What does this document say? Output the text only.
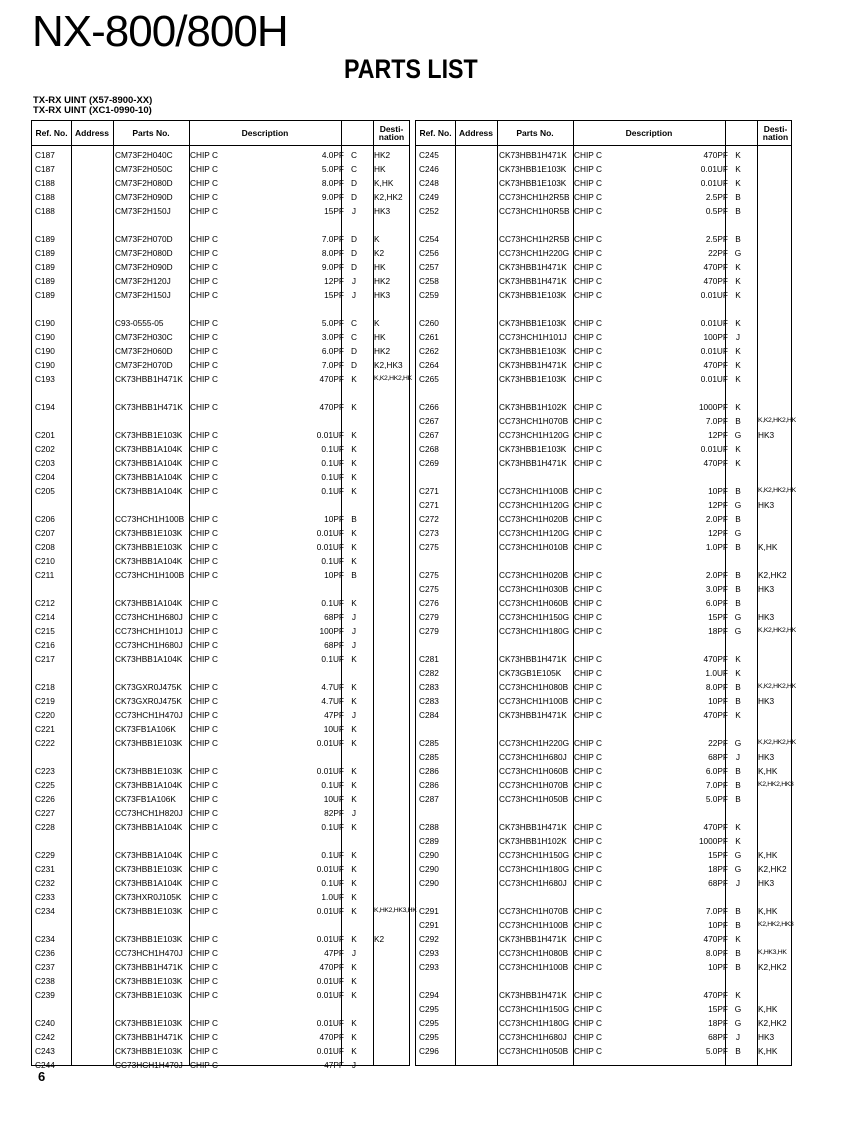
NX-800/800H
PARTS LIST
TX-RX UINT (X57-8900-XX)
TX-RX UINT (XC1-0990-10)
Ref. No. Address	Parts No.	Description	Desti-
nation
C187	CM73F2H040C CHIP C	4.0PF C HK2
C187	CM73F2H050C CHIP C	5.0PF C HK
C188	CM73F2H080D CHIP C	8.0PF D K,HK
C188	CM73F2H090D CHIP C	9.0PF D K2,HK2
C188	CM73F2H150J CHIP C	15PF J HK3
C189	CM73F2H070D CHIP C	7.0PF D K
C189	CM73F2H080D CHIP C	8.0PF D K2
C189	CM73F2H090D CHIP C	9.0PF D HK
C189	CM73F2H120J CHIP C	12PF J HK2
C189	CM73F2H150J CHIP C	15PF J HK3
C190	C93-0555-05	CHIP C	5.0PF C K
C190	CM73F2H030C CHIP C	3.0PF C HK
C190	CM73F2H060D CHIP C	6.0PF D HK2
C190	CM73F2H070D CHIP C	7.0PF D K2,HK3
C193	CK73HBB1H471K CHIP C	470PF K	K,K2,HK2,HK
C194	CK73HBB1H471K CHIP C	470PF K
C201	CK73HBB1E103K CHIP C	0.01UF K
C202	CK73HBB1A104K CHIP C	0.1UF K
C203	CK73HBB1A104K CHIP C	0.1UF K
C204	CK73HBB1A104K CHIP C	0.1UF K
C205	CK73HBB1A104K CHIP C	0.1UF K
C206	CC73HCH1H100B CHIP C	10PF B
C207	CK73HBB1E103K CHIP C	0.01UF K
C208	CK73HBB1E103K CHIP C	0.01UF K
C210	CK73HBB1A104K CHIP C	0.1UF K
C211	CC73HCH1H100B CHIP C	10PF B
C212	CK73HBB1A104K CHIP C	0.1UF K
C214	CC73HCH1H680J CHIP C	68PF J
C215	CC73HCH1H101J CHIP C	100PF J
C216	CC73HCH1H680J CHIP C	68PF J
C217	CK73HBB1A104K CHIP C	0.1UF K
C218	CK73GXR0J475K CHIP C	4.7UF K
C219	CK73GXR0J475K CHIP C	4.7UF K
C220	CC73HCH1H470J CHIP C	47PF J
C221	CK73FB1A106K CHIP C	10UF K
C222	CK73HBB1E103K CHIP C	0.01UF K
C223	CK73HBB1E103K CHIP C	0.01UF K
C225	CK73HBB1A104K CHIP C	0.1UF K
C226	CK73FB1A106K CHIP C	10UF K
C227	CC73HCH1H820J CHIP C	82PF J
C228	CK73HBB1A104K CHIP C	0.1UF K
C229	CK73HBB1A104K CHIP C	0.1UF K
C231	CK73HBB1E103K CHIP C	0.01UF K
C232	CK73HBB1A104K CHIP C	0.1UF K
C233	CK73HXR0J105K CHIP C	1.0UF K
C234	CK73HBB1E103K CHIP C	0.01UF K	K,HK2,HK3,HK
C234	CK73HBB1E103K CHIP C	0.01UF K K2
C236	CC73HCH1H470J CHIP C	47PF J
C237	CK73HBB1H471K CHIP C	470PF K
C238	CK73HBB1E103K CHIP C	0.01UF K
C239	CK73HBB1E103K CHIP C	0.01UF K
C240	CK73HBB1E103K CHIP C	0.01UF K
C242	CK73HBB1H471K CHIP C	470PF K
C243	CK73HBB1E103K CHIP C	0.01UF K
C244	CC73HCH1H470J CHIP C	47PF J
Ref. No. Address	Parts No.	Description	Desti-
nation
C245	CK73HBB1H471K CHIP C	470PF K
C246	CK73HBB1E103K CHIP C	0.01UF K
C248	CK73HBB1E103K CHIP C	0.01UF K
C249	CC73HCH1H2R5B CHIP C	2.5PF B
C252	CC73HCH1H0R5B CHIP C	0.5PF B
C254	CC73HCH1H2R5B CHIP C	2.5PF B
C256	CC73HCH1H220G CHIP C	22PF G
C257	CK73HBB1H471K CHIP C	470PF K
C258	CK73HBB1H471K CHIP C	470PF K
C259	CK73HBB1E103K CHIP C	0.01UF K
C260	CK73HBB1E103K CHIP C	0.01UF K
C261	CC73HCH1H101J CHIP C	100PF J
C262	CK73HBB1E103K CHIP C	0.01UF K
C264	CK73HBB1H471K CHIP C	470PF K
C265	CK73HBB1E103K CHIP C	0.01UF K
C266	CK73HBB1H102K CHIP C	1000PF K
C267	CC73HCH1H070B CHIP C	7.0PF B	K,K2,HK2,HK
C267	CC73HCH1H120G CHIP C	12PF G HK3
C268	CK73HBB1E103K CHIP C	0.01UF K
C269	CK73HBB1H471K CHIP C	470PF K
C271	CC73HCH1H100B CHIP C	10PF B	K,K2,HK2,HK
C271	CC73HCH1H120G CHIP C	12PF G HK3
C272	CC73HCH1H020B CHIP C	2.0PF B
C273	CC73HCH1H120G CHIP C	12PF G
C275	CC73HCH1H010B CHIP C	1.0PF B K,HK
C275	CC73HCH1H020B CHIP C	2.0PF B K2,HK2
C275	CC73HCH1H030B CHIP C	3.0PF B HK3
C276	CC73HCH1H060B CHIP C	6.0PF B
C279	CC73HCH1H150G CHIP C	15PF G HK3
C279	CC73HCH1H180G CHIP C	18PF G K,K2,HK2,HK
C281	CK73HBB1H471K CHIP C	470PF K
C282	CK73GB1E105K CHIP C	1.0UF K
C283	CC73HCH1H080B CHIP C	8.0PF B	K,K2,HK2,HK
C283	CC73HCH1H100B CHIP C	10PF B HK3
C284	CK73HBB1H471K CHIP C	470PF K
C285	CC73HCH1H220G CHIP C	22PF G K,K2,HK2,HK
C285	CC73HCH1H680J CHIP C	68PF J HK3
C286	CC73HCH1H060B CHIP C	6.0PF B K,HK
C286	CC73HCH1H070B CHIP C	7.0PF B	K2,HK2,HK3
C287	CC73HCH1H050B CHIP C	5.0PF B
C288	CK73HBB1H471K CHIP C	470PF K
C289	CK73HBB1H102K CHIP C	1000PF K
C290	CC73HCH1H150G CHIP C	15PF G K,HK
C290	CC73HCH1H180G CHIP C	18PF G K2,HK2
C290	CC73HCH1H680J CHIP C	68PF J HK3
C291	CC73HCH1H070B CHIP C	7.0PF B K,HK
C291	CC73HCH1H100B CHIP C	10PF B	K2,HK2,HK3
C292	CK73HBB1H471K CHIP C	470PF K
C293	CC73HCH1H080B CHIP C	8.0PF B	K,HK3,HK
C293	CC73HCH1H100B CHIP C	10PF B K2,HK2
C294	CK73HBB1H471K CHIP C	470PF K
C295	CC73HCH1H150G CHIP C	15PF G K,HK
C295	CC73HCH1H180G CHIP C	18PF G K2,HK2
C295	CC73HCH1H680J CHIP C	68PF J HK3
C296	CC73HCH1H050B CHIP C	5.0PF B K,HK
6
